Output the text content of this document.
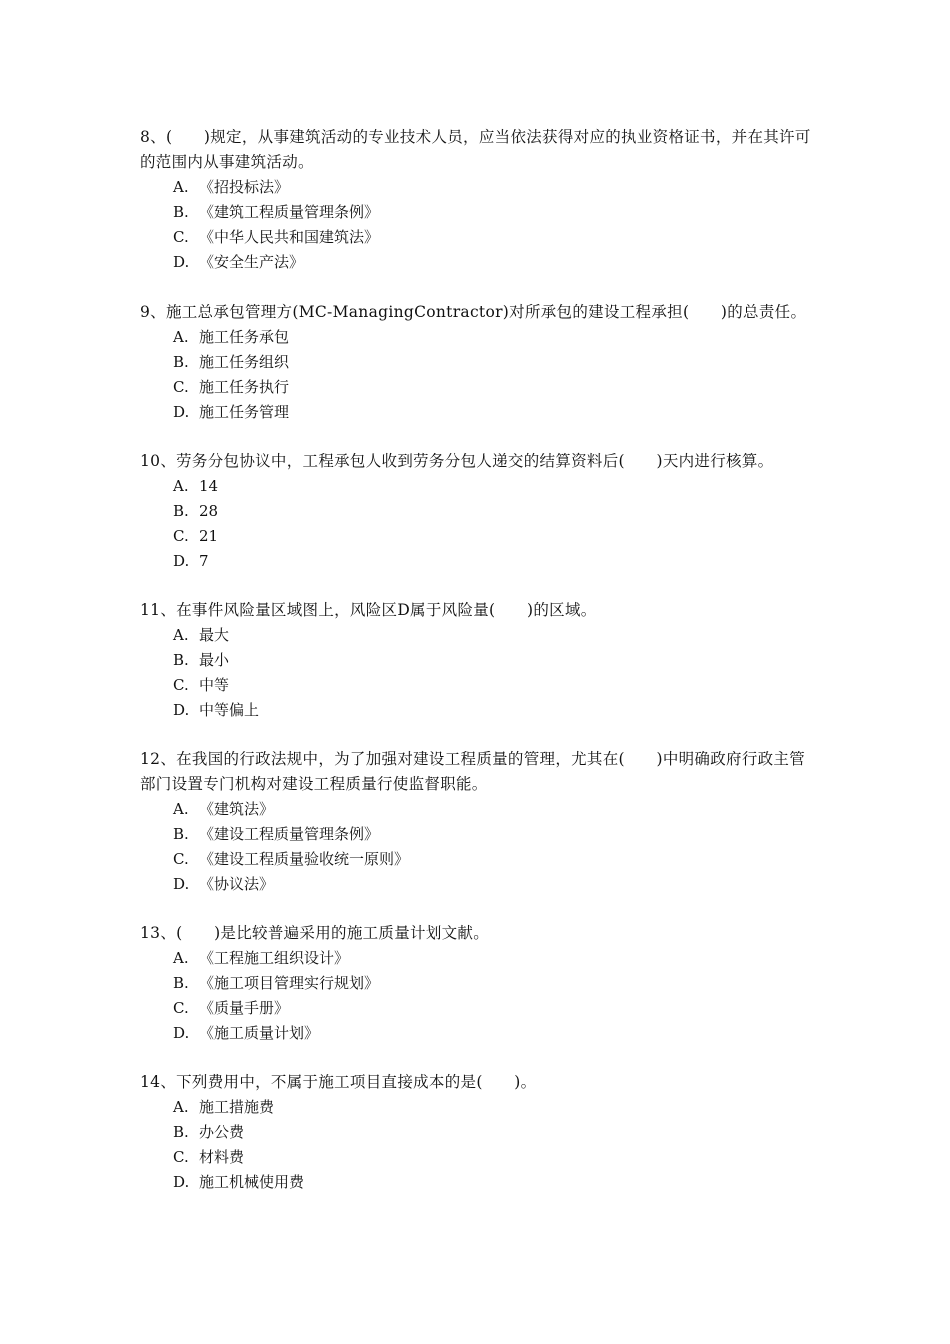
8、(　　)规定，从事建筑活动的专业技术人员，应当依法获得对应的执业资格证书，并在其许可的范围内从事建筑活动。

A. 《招投标法》
B. 《建筑工程质量管理条例》
C. 《中华人民共和国建筑法》
D. 《安全生产法》

9、施工总承包管理方(MC-ManagingContractor)对所承包的建设工程承担(　　)的总责任。

A. 施工任务承包
B. 施工任务组织
C. 施工任务执行
D. 施工任务管理

10、劳务分包协议中，工程承包人收到劳务分包人递交的结算资料后(　　)天内进行核算。

A. 14
B. 28
C. 21
D. 7

11、在事件风险量区域图上，风险区D属于风险量(　　)的区域。

A. 最大
B. 最小
C. 中等
D. 中等偏上

12、在我国的行政法规中，为了加强对建设工程质量的管理，尤其在(　　)中明确政府行政主管部门设置专门机构对建设工程质量行使监督职能。

A. 《建筑法》
B. 《建设工程质量管理条例》
C. 《建设工程质量验收统一原则》
D. 《协议法》

13、(　　)是比较普遍采用的施工质量计划文献。

A. 《工程施工组织设计》
B. 《施工项目管理实行规划》
C. 《质量手册》
D. 《施工质量计划》

14、下列费用中，不属于施工项目直接成本的是(　　)。

A. 施工措施费
B. 办公费
C. 材料费
D. 施工机械使用费
